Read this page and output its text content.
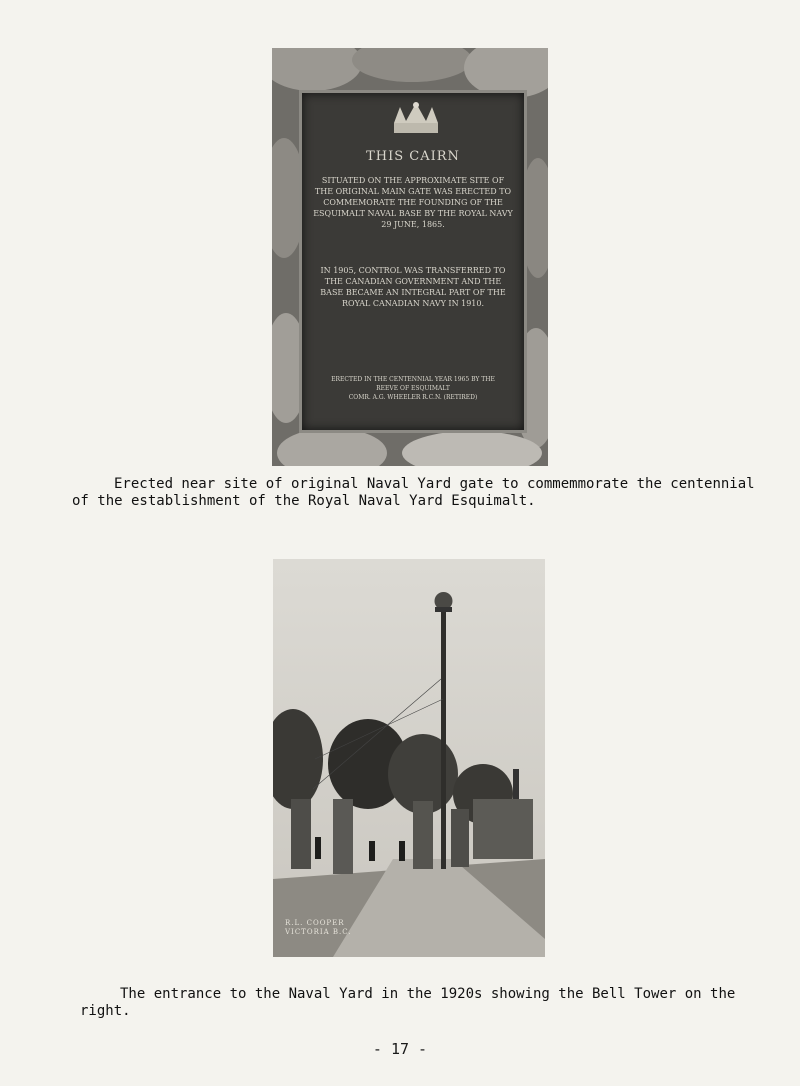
THIS CAIRN
SITUATED ON THE APPROXIMATE SITE OF THE ORIGINAL MAIN GATE WAS ERECTED TO COMMEMORATE THE FOUNDING OF THE ESQUIMALT NAVAL BASE BY THE ROYAL NAVY 29 JUNE, 1865.
IN 1905, CONTROL WAS TRANSFERRED TO THE CANADIAN GOVERNMENT AND THE BASE BECAME AN INTEGRAL PART OF THE ROYAL CANADIAN NAVY IN 1910.
ERECTED IN THE CENTENNIAL YEAR 1965 BY THE
REEVE OF ESQUIMALT
COMR. A.G. WHEELER R.C.N. (RETIRED)
Erected near site of original Naval Yard gate to commemmorate the centennial
of the establishment of the Royal Naval Yard Esquimalt.
R.L. COOPER
VICTORIA B.C.
The entrance to the Naval Yard in the 1920s showing the Bell Tower on the
right.
- 17 -
